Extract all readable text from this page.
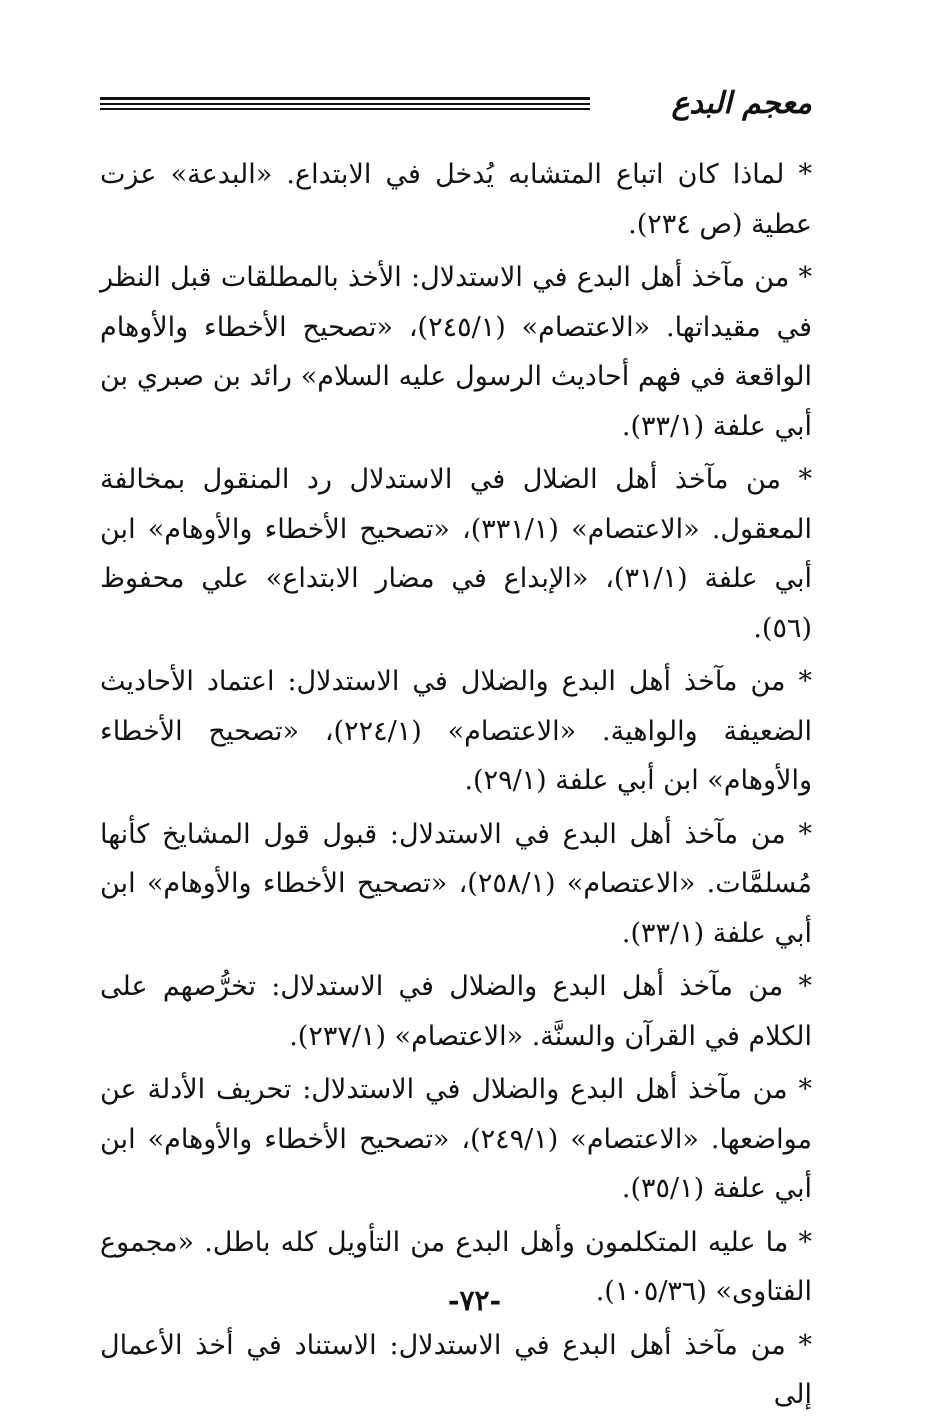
معجم البدع

* لماذا كان اتباع المتشابه يُدخل في الابتداع. «البدعة» عزت عطية (ص ٢٣٤).

* من مآخذ أهل البدع في الاستدلال: الأخذ بالمطلقات قبل النظر في مقيداتها. «الاعتصام» (٢٤٥/١)، «تصحيح الأخطاء والأوهام الواقعة في فهم أحاديث الرسول عليه السلام» رائد بن صبري بن أبي علفة (٣٣/١).

* من مآخذ أهل الضلال في الاستدلال رد المنقول بمخالفة المعقول. «الاعتصام» (٣٣١/١)، «تصحيح الأخطاء والأوهام» ابن أبي علفة (٣١/١)، «الإبداع في مضار الابتداع» علي محفوظ (٥٦).

* من مآخذ أهل البدع والضلال في الاستدلال: اعتماد الأحاديث الضعيفة والواهية. «الاعتصام» (٢٢٤/١)، «تصحيح الأخطاء والأوهام» ابن أبي علفة (٢٩/١).

* من مآخذ أهل البدع في الاستدلال: قبول قول المشايخ كأنها مُسلمَّات. «الاعتصام» (٢٥٨/١)، «تصحيح الأخطاء والأوهام» ابن أبي علفة (٣٣/١).

* من مآخذ أهل البدع والضلال في الاستدلال: تخرُّصهم على الكلام في القرآن والسنَّة. «الاعتصام» (٢٣٧/١).

* من مآخذ أهل البدع والضلال في الاستدلال: تحريف الأدلة عن مواضعها. «الاعتصام» (٢٤٩/١)، «تصحيح الأخطاء والأوهام» ابن أبي علفة (٣٥/١).

* ما عليه المتكلمون وأهل البدع من التأويل كله باطل. «مجموع الفتاوى» (١٠٥/٣٦).

* من مآخذ أهل البدع في الاستدلال: الاستناد في أخذ الأعمال إلى

-٧٢-
